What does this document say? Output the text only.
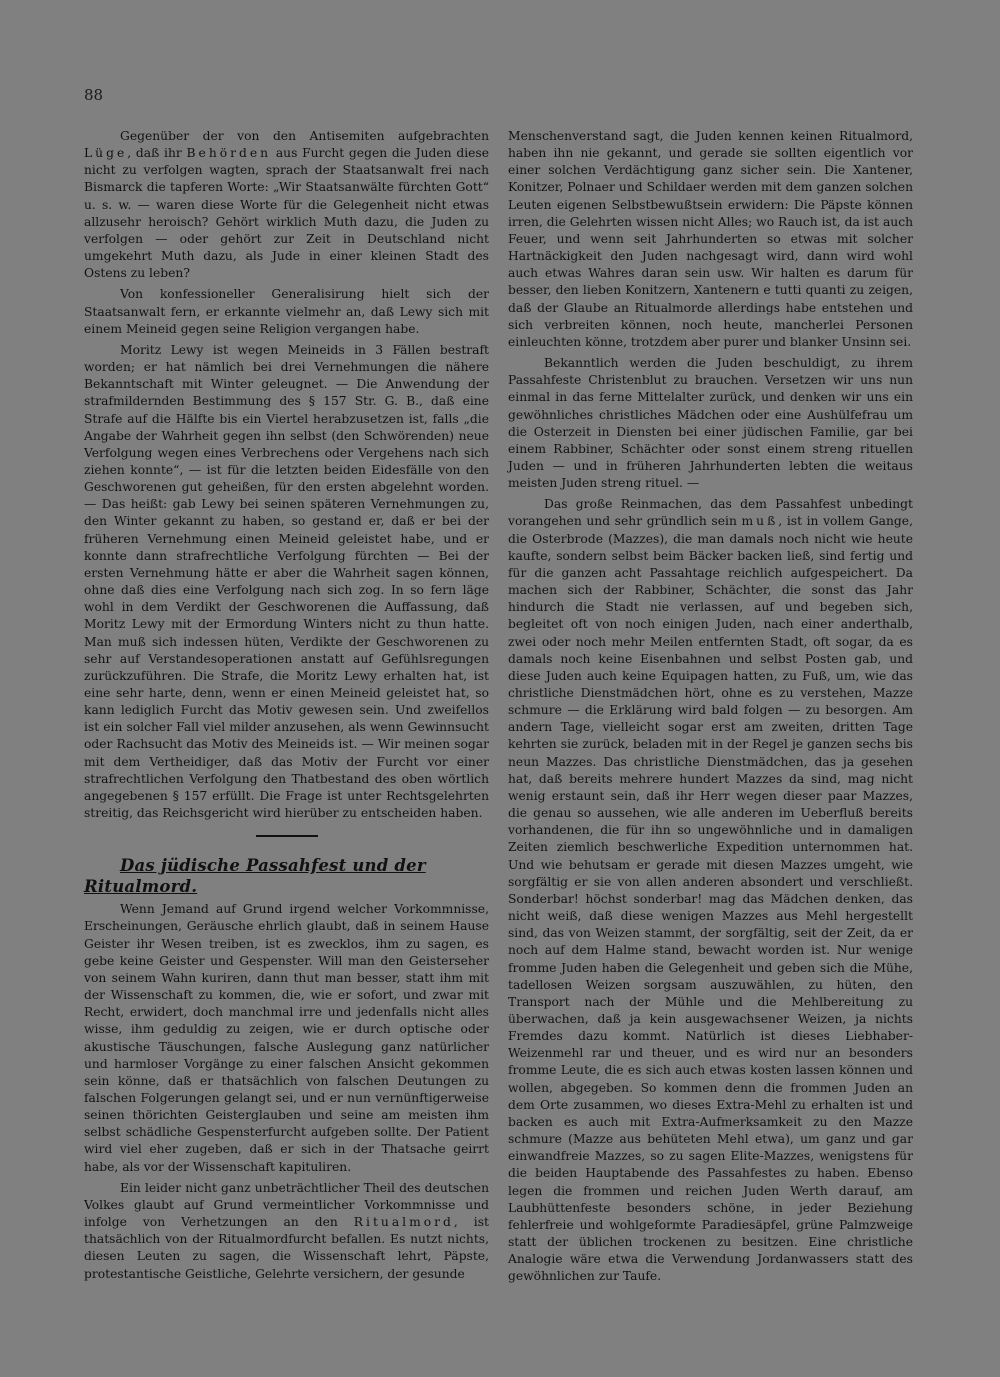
88

Gegenüber der von den Antisemiten aufgebrachten Lüge, daß ihr Behörden aus Furcht gegen die Juden diese nicht zu verfolgen wagten, sprach der Staatsanwalt frei nach Bismarck die tapferen Worte: „Wir Staatsanwälte fürchten Gott“ u. s. w. — waren diese Worte für die Gelegenheit nicht etwas allzusehr heroisch? Gehört wirklich Muth dazu, die Juden zu verfolgen — oder gehört zur Zeit in Deutschland nicht umgekehrt Muth dazu, als Jude in einer kleinen Stadt des Ostens zu leben?

Von konfessioneller Generalisirung hielt sich der Staatsanwalt fern, er erkannte vielmehr an, daß Lewy sich mit einem Meineid gegen seine Religion vergangen habe.

Moritz Lewy ist wegen Meineids in 3 Fällen bestraft worden; er hat nämlich bei drei Vernehmungen die nähere Bekanntschaft mit Winter geleugnet. — Die Anwendung der strafmildernden Bestimmung des § 157 Str. G. B., daß eine Strafe auf die Hälfte bis ein Viertel herabzusetzen ist, falls „die Angabe der Wahrheit gegen ihn selbst (den Schwörenden) neue Verfolgung wegen eines Verbrechens oder Vergehens nach sich ziehen konnte“, — ist für die letzten beiden Eidesfälle von den Geschworenen gut geheißen, für den ersten abgelehnt worden. — Das heißt: gab Lewy bei seinen späteren Vernehmungen zu, den Winter gekannt zu haben, so gestand er, daß er bei der früheren Vernehmung einen Meineid geleistet habe, und er konnte dann strafrechtliche Verfolgung fürchten — Bei der ersten Vernehmung hätte er aber die Wahrheit sagen können, ohne daß dies eine Verfolgung nach sich zog. In so fern läge wohl in dem Verdikt der Geschworenen die Auffassung, daß Moritz Lewy mit der Ermordung Winters nicht zu thun hatte. Man muß sich indessen hüten, Verdikte der Geschworenen zu sehr auf Verstandesoperationen anstatt auf Gefühlsregungen zurückzuführen. Die Strafe, die Moritz Lewy erhalten hat, ist eine sehr harte, denn, wenn er einen Meineid geleistet hat, so kann lediglich Furcht das Motiv gewesen sein. Und zweifellos ist ein solcher Fall viel milder anzusehen, als wenn Gewinnsucht oder Rachsucht das Motiv des Meineids ist. — Wir meinen sogar mit dem Vertheidiger, daß das Motiv der Furcht vor einer strafrechtlichen Verfolgung den Thatbestand des oben wörtlich angegebenen § 157 erfüllt. Die Frage ist unter Rechtsgelehrten streitig, das Reichsgericht wird hierüber zu entscheiden haben.

Das jüdische Passahfest und der Ritualmord.

Wenn Jemand auf Grund irgend welcher Vorkommnisse, Erscheinungen, Geräusche ehrlich glaubt, daß in seinem Hause Geister ihr Wesen treiben, ist es zwecklos, ihm zu sagen, es gebe keine Geister und Gespenster. Will man den Geisterseher von seinem Wahn kuriren, dann thut man besser, statt ihm mit der Wissenschaft zu kommen, die, wie er sofort, und zwar mit Recht, erwidert, doch manchmal irre und jedenfalls nicht alles wisse, ihm geduldig zu zeigen, wie er durch optische oder akustische Täuschungen, falsche Auslegung ganz natürlicher und harmloser Vorgänge zu einer falschen Ansicht gekommen sein könne, daß er thatsächlich von falschen Deutungen zu falschen Folgerungen gelangt sei, und er nun vernünftigerweise seinen thörichten Geisterglauben und seine am meisten ihm selbst schädliche Gespensterfurcht aufgeben sollte. Der Patient wird viel eher zugeben, daß er sich in der Thatsache geirrt habe, als vor der Wissenschaft kapituliren.

Ein leider nicht ganz unbeträchtlicher Theil des deutschen Volkes glaubt auf Grund vermeintlicher Vorkommnisse und infolge von Verhetzungen an den Ritualmord, ist thatsächlich von der Ritualmordfurcht befallen. Es nutzt nichts, diesen Leuten zu sagen, die Wissenschaft lehrt, Päpste, protestantische Geistliche, Gelehrte versichern, der gesunde

Menschenverstand sagt, die Juden kennen keinen Ritualmord, haben ihn nie gekannt, und gerade sie sollten eigentlich vor einer solchen Verdächtigung ganz sicher sein. Die Xantener, Konitzer, Polnaer und Schildaer werden mit dem ganzen solchen Leuten eigenen Selbstbewußtsein erwidern: Die Päpste können irren, die Gelehrten wissen nicht Alles; wo Rauch ist, da ist auch Feuer, und wenn seit Jahrhunderten so etwas mit solcher Hartnäckigkeit den Juden nachgesagt wird, dann wird wohl auch etwas Wahres daran sein usw. Wir halten es darum für besser, den lieben Konitzern, Xantenern e tutti quanti zu zeigen, daß der Glaube an Ritualmorde allerdings habe entstehen und sich verbreiten können, noch heute, mancherlei Personen einleuchten könne, trotzdem aber purer und blanker Unsinn sei.

Bekanntlich werden die Juden beschuldigt, zu ihrem Passahfeste Christenblut zu brauchen. Versetzen wir uns nun einmal in das ferne Mittelalter zurück, und denken wir uns ein gewöhnliches christliches Mädchen oder eine Aushülfefrau um die Osterzeit in Diensten bei einer jüdischen Familie, gar bei einem Rabbiner, Schächter oder sonst einem streng rituellen Juden — und in früheren Jahrhunderten lebten die weitaus meisten Juden streng rituel. —

Das große Reinmachen, das dem Passahfest unbedingt vorangehen und sehr gründlich sein muß, ist in vollem Gange, die Osterbrode (Mazzes), die man damals noch nicht wie heute kaufte, sondern selbst beim Bäcker backen ließ, sind fertig und für die ganzen acht Passahtage reichlich aufgespeichert. Da machen sich der Rabbiner, Schächter, die sonst das Jahr hindurch die Stadt nie verlassen, auf und begeben sich, begleitet oft von noch einigen Juden, nach einer anderthalb, zwei oder noch mehr Meilen entfernten Stadt, oft sogar, da es damals noch keine Eisenbahnen und selbst Posten gab, und diese Juden auch keine Equipagen hatten, zu Fuß, um, wie das christliche Dienstmädchen hört, ohne es zu verstehen, Mazze schmure — die Erklärung wird bald folgen — zu besorgen. Am andern Tage, vielleicht sogar erst am zweiten, dritten Tage kehrten sie zurück, beladen mit in der Regel je ganzen sechs bis neun Mazzes. Das christliche Dienstmädchen, das ja gesehen hat, daß bereits mehrere hundert Mazzes da sind, mag nicht wenig erstaunt sein, daß ihr Herr wegen dieser paar Mazzes, die genau so aussehen, wie alle anderen im Ueberfluß bereits vorhandenen, die für ihn so ungewöhnliche und in damaligen Zeiten ziemlich beschwerliche Expedition unternommen hat. Und wie behutsam er gerade mit diesen Mazzes umgeht, wie sorgfältig er sie von allen anderen absondert und verschließt. Sonderbar! höchst sonderbar! mag das Mädchen denken, das nicht weiß, daß diese wenigen Mazzes aus Mehl hergestellt sind, das von Weizen stammt, der sorgfältig, seit der Zeit, da er noch auf dem Halme stand, bewacht worden ist. Nur wenige fromme Juden haben die Gelegenheit und geben sich die Mühe, tadellosen Weizen sorgsam auszuwählen, zu hüten, den Transport nach der Mühle und die Mehlbereitung zu überwachen, daß ja kein ausgewachsener Weizen, ja nichts Fremdes dazu kommt. Natürlich ist dieses Liebhaber-Weizenmehl rar und theuer, und es wird nur an besonders fromme Leute, die es sich auch etwas kosten lassen können und wollen, abgegeben. So kommen denn die frommen Juden an dem Orte zusammen, wo dieses Extra-Mehl zu erhalten ist und backen es auch mit Extra-Aufmerksamkeit zu den Mazze schmure (Mazze aus behüteten Mehl etwa), um ganz und gar einwandfreie Mazzes, so zu sagen Elite-Mazzes, wenigstens für die beiden Hauptabende des Passahfestes zu haben. Ebenso legen die frommen und reichen Juden Werth darauf, am Laubhüttenfeste besonders schöne, in jeder Beziehung fehlerfreie und wohlgeformte Paradiesäpfel, grüne Palmzweige statt der üblichen trockenen zu besitzen. Eine christliche Analogie wäre etwa die Verwendung Jordanwassers statt des gewöhnlichen zur Taufe.
